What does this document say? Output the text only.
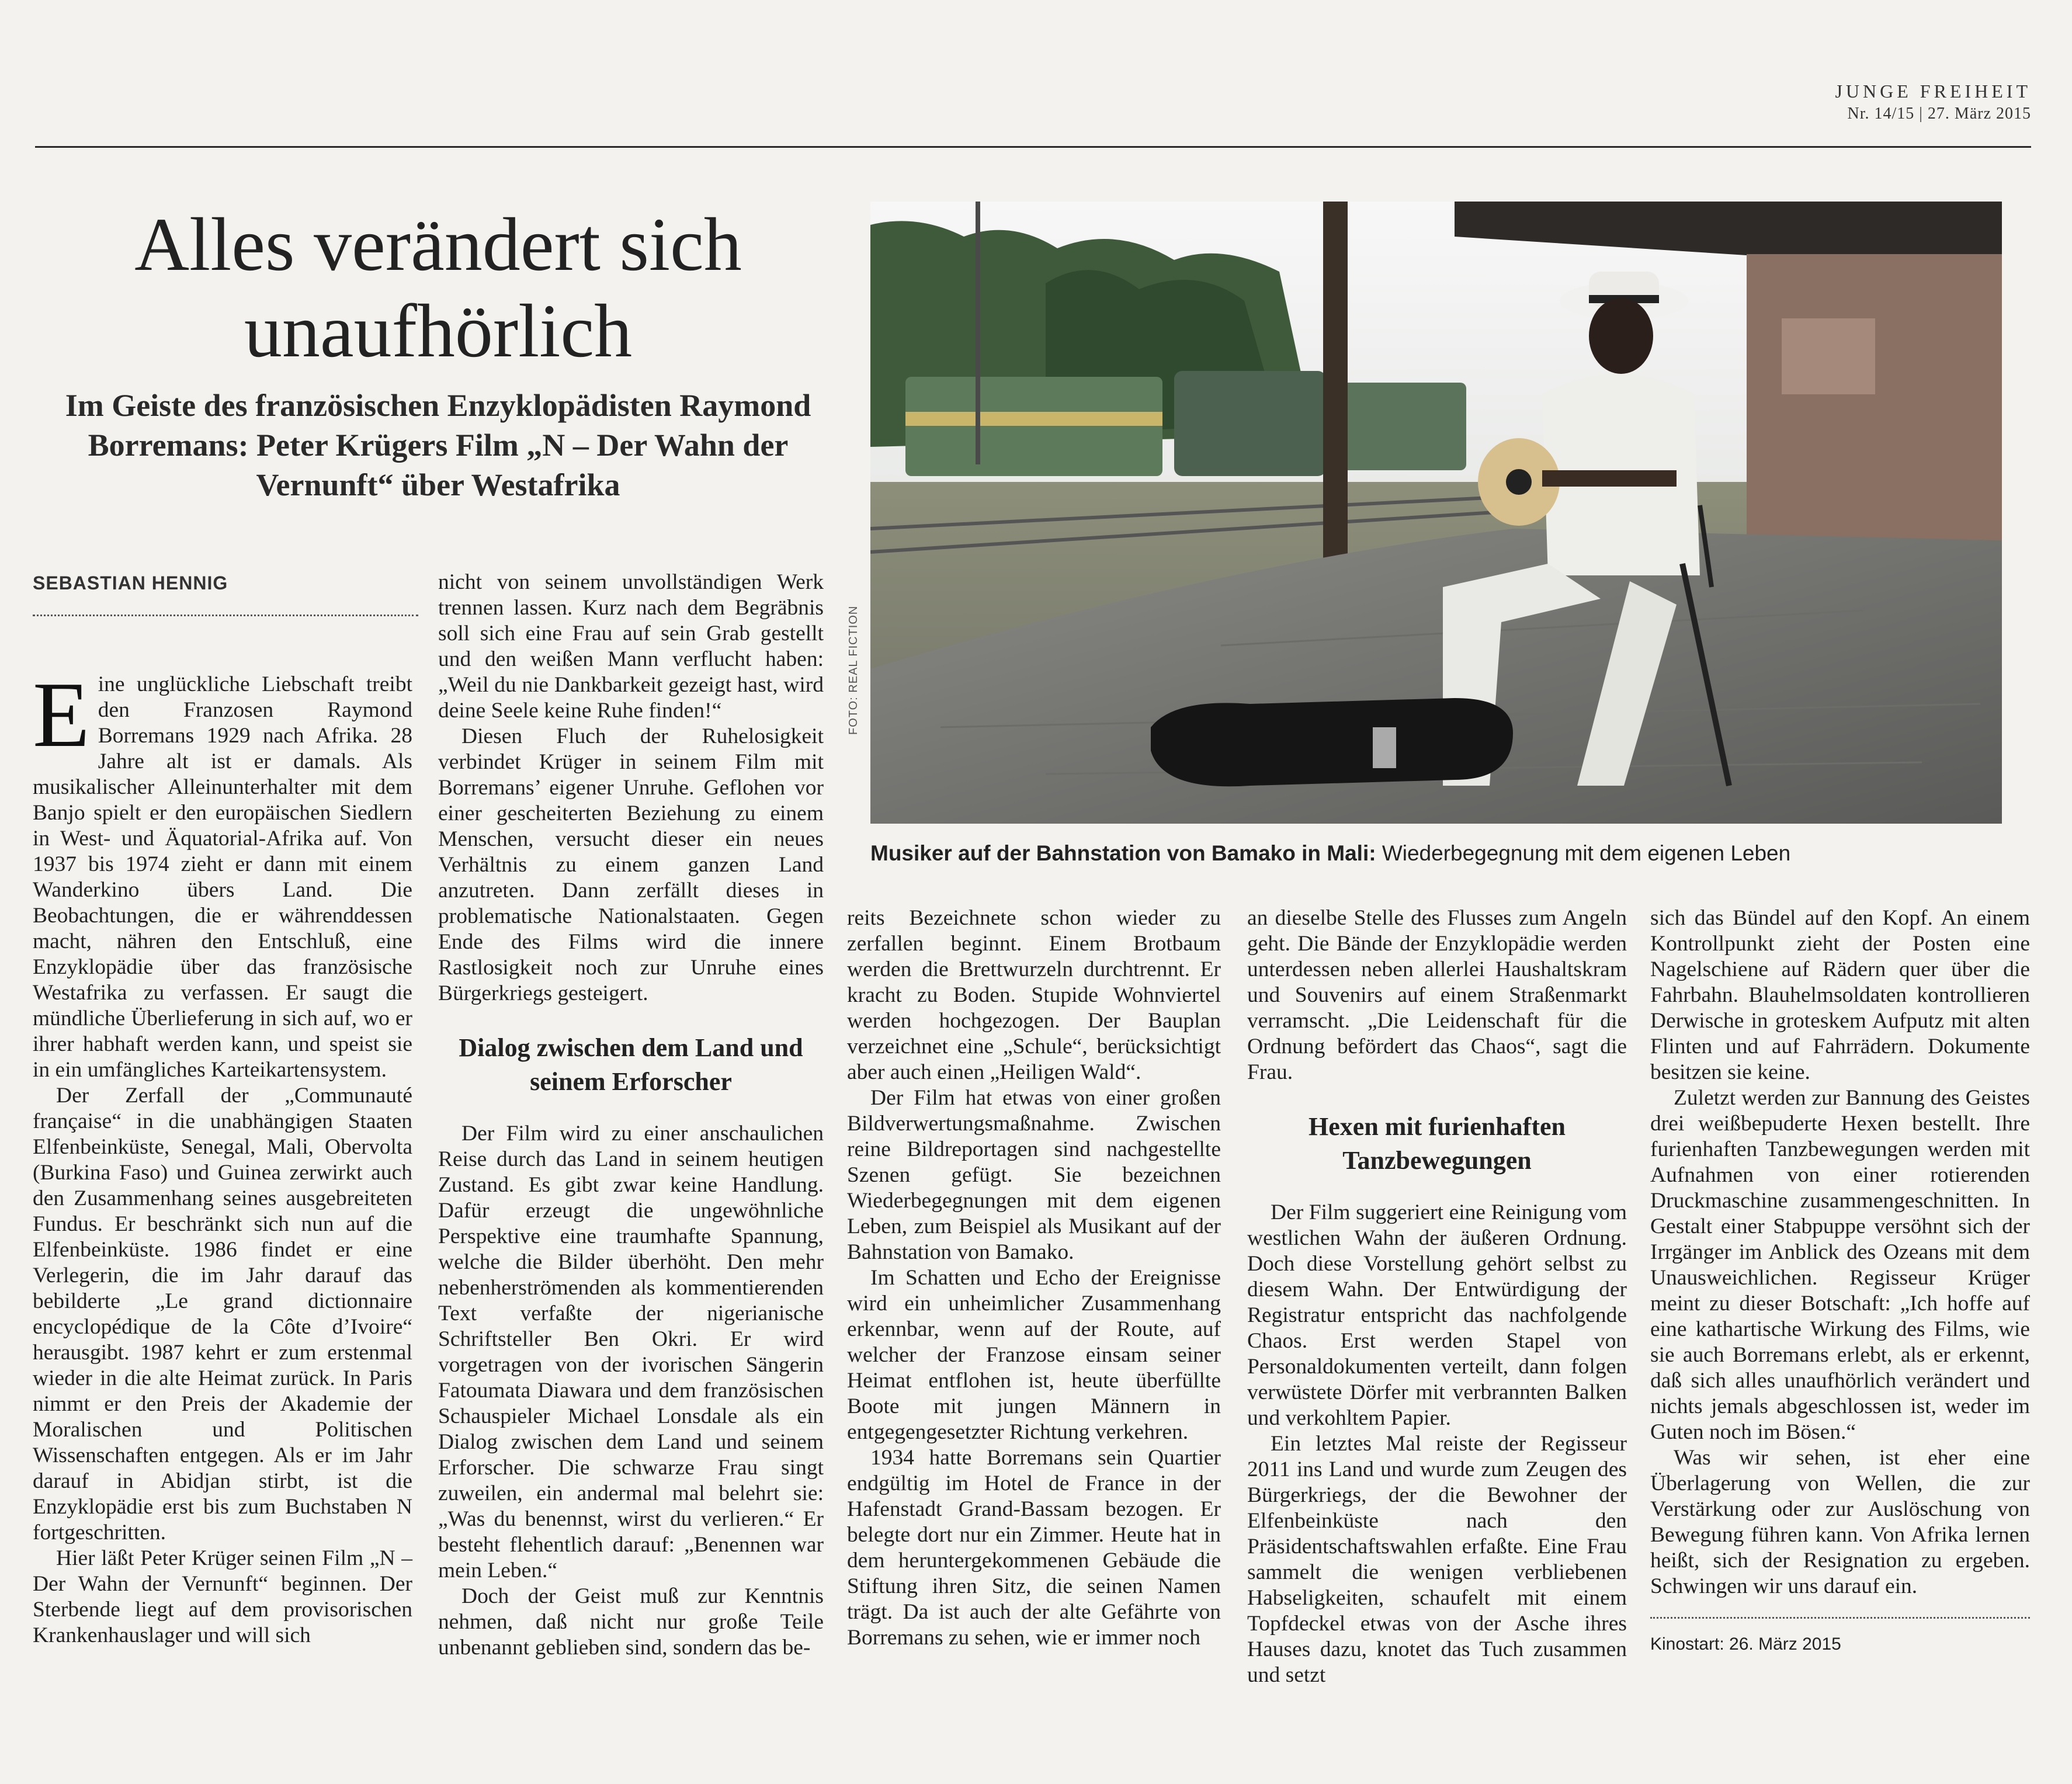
JUNGE FREIHEIT
Nr. 14/15 | 27. März 2015
Alles verändert sich unaufhörlich
Im Geiste des französischen Enzyklopädisten Raymond Borremans: Peter Krügers Film „N – Der Wahn der Vernunft“ über Westafrika
SEBASTIAN HENNIG
FOTO: REAL FICTION
Musiker auf der Bahnstation von Bamako in Mali: Wiederbegegnung mit dem eigenen Leben

Eine unglückliche Liebschaft treibt den Franzosen Raymond Borremans 1929 nach Afrika. 28 Jahre alt ist er damals. Als musikalischer Alleinunterhalter mit dem Banjo spielt er den europäischen Siedlern in West- und Äquatorial-Afrika auf. Von 1937 bis 1974 zieht er dann mit einem Wanderkino übers Land. Die Beobachtungen, die er währenddessen macht, nähren den Entschluß, eine Enzyklopädie über das französische Westafrika zu verfassen. Er saugt die mündliche Überlieferung in sich auf, wo er ihrer habhaft werden kann, und speist sie in ein umfängliches Karteikartensystem.

Der Zerfall der „Communauté française“ in die unabhängigen Staaten Elfenbeinküste, Senegal, Mali, Obervolta (Burkina Faso) und Guinea zerwirkt auch den Zusammenhang seines ausgebreiteten Fundus. Er beschränkt sich nun auf die Elfenbeinküste. 1986 findet er eine Verlegerin, die im Jahr darauf das bebilderte „Le grand dictionnaire encyclopédique de la Côte d’Ivoire“ herausgibt. 1987 kehrt er zum erstenmal wieder in die alte Heimat zurück. In Paris nimmt er den Preis der Akademie der Moralischen und Politischen Wissenschaften entgegen. Als er im Jahr darauf in Abidjan stirbt, ist die Enzyklopädie erst bis zum Buchstaben N fortgeschritten.

Hier läßt Peter Krüger seinen Film „N – Der Wahn der Vernunft“ beginnen. Der Sterbende liegt auf dem provisorischen Krankenhauslager und will sich

nicht von seinem unvollständigen Werk trennen lassen. Kurz nach dem Begräbnis soll sich eine Frau auf sein Grab gestellt und den weißen Mann verflucht haben: „Weil du nie Dankbarkeit gezeigt hast, wird deine Seele keine Ruhe finden!“

Diesen Fluch der Ruhelosigkeit verbindet Krüger in seinem Film mit Borremans’ eigener Unruhe. Geflohen vor einer gescheiterten Beziehung zu einem Menschen, versucht dieser ein neues Verhältnis zu einem ganzen Land anzutreten. Dann zerfällt dieses in problematische Nationalstaaten. Gegen Ende des Films wird die innere Rastlosigkeit noch zur Unruhe eines Bürgerkriegs gesteigert.

Dialog zwischen dem Land und seinem Erforscher

Der Film wird zu einer anschaulichen Reise durch das Land in seinem heutigen Zustand. Es gibt zwar keine Handlung. Dafür erzeugt die ungewöhnliche Perspektive eine traumhafte Spannung, welche die Bilder überhöht. Den mehr nebenherströmenden als kommentierenden Text verfaßte der nigerianische Schriftsteller Ben Okri. Er wird vorgetragen von der ivorischen Sängerin Fatoumata Diawara und dem französischen Schauspieler Michael Lonsdale als ein Dialog zwischen dem Land und seinem Erforscher. Die schwarze Frau singt zuweilen, ein andermal mal belehrt sie: „Was du benennst, wirst du verlieren.“ Er besteht flehentlich darauf: „Benennen war mein Leben.“

Doch der Geist muß zur Kenntnis nehmen, daß nicht nur große Teile unbenannt geblieben sind, sondern das be-

reits Bezeichnete schon wieder zu zerfallen beginnt. Einem Brotbaum werden die Brettwurzeln durchtrennt. Er kracht zu Boden. Stupide Wohnviertel werden hochgezogen. Der Bauplan verzeichnet eine „Schule“, berücksichtigt aber auch einen „Heiligen Wald“.

Der Film hat etwas von einer großen Bildverwertungsmaßnahme. Zwischen reine Bildreportagen sind nachgestellte Szenen gefügt. Sie bezeichnen Wiederbegegnungen mit dem eigenen Leben, zum Beispiel als Musikant auf der Bahnstation von Bamako.

Im Schatten und Echo der Ereignisse wird ein unheimlicher Zusammenhang erkennbar, wenn auf der Route, auf welcher der Franzose einsam seiner Heimat entflohen ist, heute überfüllte Boote mit jungen Männern in entgegengesetzter Richtung verkehren.

1934 hatte Borremans sein Quartier endgültig im Hotel de France in der Hafenstadt Grand-Bassam bezogen. Er belegte dort nur ein Zimmer. Heute hat in dem heruntergekommenen Gebäude die Stiftung ihren Sitz, die seinen Namen trägt. Da ist auch der alte Gefährte von Borremans zu sehen, wie er immer noch

an dieselbe Stelle des Flusses zum Angeln geht. Die Bände der Enzyklopädie werden unterdessen neben allerlei Haushaltskram und Souvenirs auf einem Straßenmarkt verramscht. „Die Leidenschaft für die Ordnung befördert das Chaos“, sagt die Frau.

Hexen mit furienhaften Tanzbewegungen

Der Film suggeriert eine Reinigung vom westlichen Wahn der äußeren Ordnung. Doch diese Vorstellung gehört selbst zu diesem Wahn. Der Entwürdigung der Registratur entspricht das nachfolgende Chaos. Erst werden Stapel von Personaldokumenten verteilt, dann folgen verwüstete Dörfer mit verbrannten Balken und verkohltem Papier.

Ein letztes Mal reiste der Regisseur 2011 ins Land und wurde zum Zeugen des Bürgerkriegs, der die Bewohner der Elfenbeinküste nach den Präsidentschaftswahlen erfaßte. Eine Frau sammelt die wenigen verbliebenen Habseligkeiten, schaufelt mit einem Topfdeckel etwas von der Asche ihres Hauses dazu, knotet das Tuch zusammen und setzt

sich das Bündel auf den Kopf. An einem Kontrollpunkt zieht der Posten eine Nagelschiene auf Rädern quer über die Fahrbahn. Blauhelmsoldaten kontrollieren Derwische in groteskem Aufputz mit alten Flinten und auf Fahrrädern. Dokumente besitzen sie keine.

Zuletzt werden zur Bannung des Geistes drei weißbepuderte Hexen bestellt. Ihre furienhaften Tanzbewegungen werden mit Aufnahmen von einer rotierenden Druckmaschine zusammengeschnitten. In Gestalt einer Stabpuppe versöhnt sich der Irrgänger im Anblick des Ozeans mit dem Unausweichlichen. Regisseur Krüger meint zu dieser Botschaft: „Ich hoffe auf eine kathartische Wirkung des Films, wie sie auch Borremans erlebt, als er erkennt, daß sich alles unaufhörlich verändert und nichts jemals abgeschlossen ist, weder im Guten noch im Bösen.“

Was wir sehen, ist eher eine Überlagerung von Wellen, die zur Verstärkung oder zur Auslöschung von Bewegung führen kann. Von Afrika lernen heißt, sich der Resignation zu ergeben. Schwingen wir uns darauf ein.

Kinostart: 26. März 2015
